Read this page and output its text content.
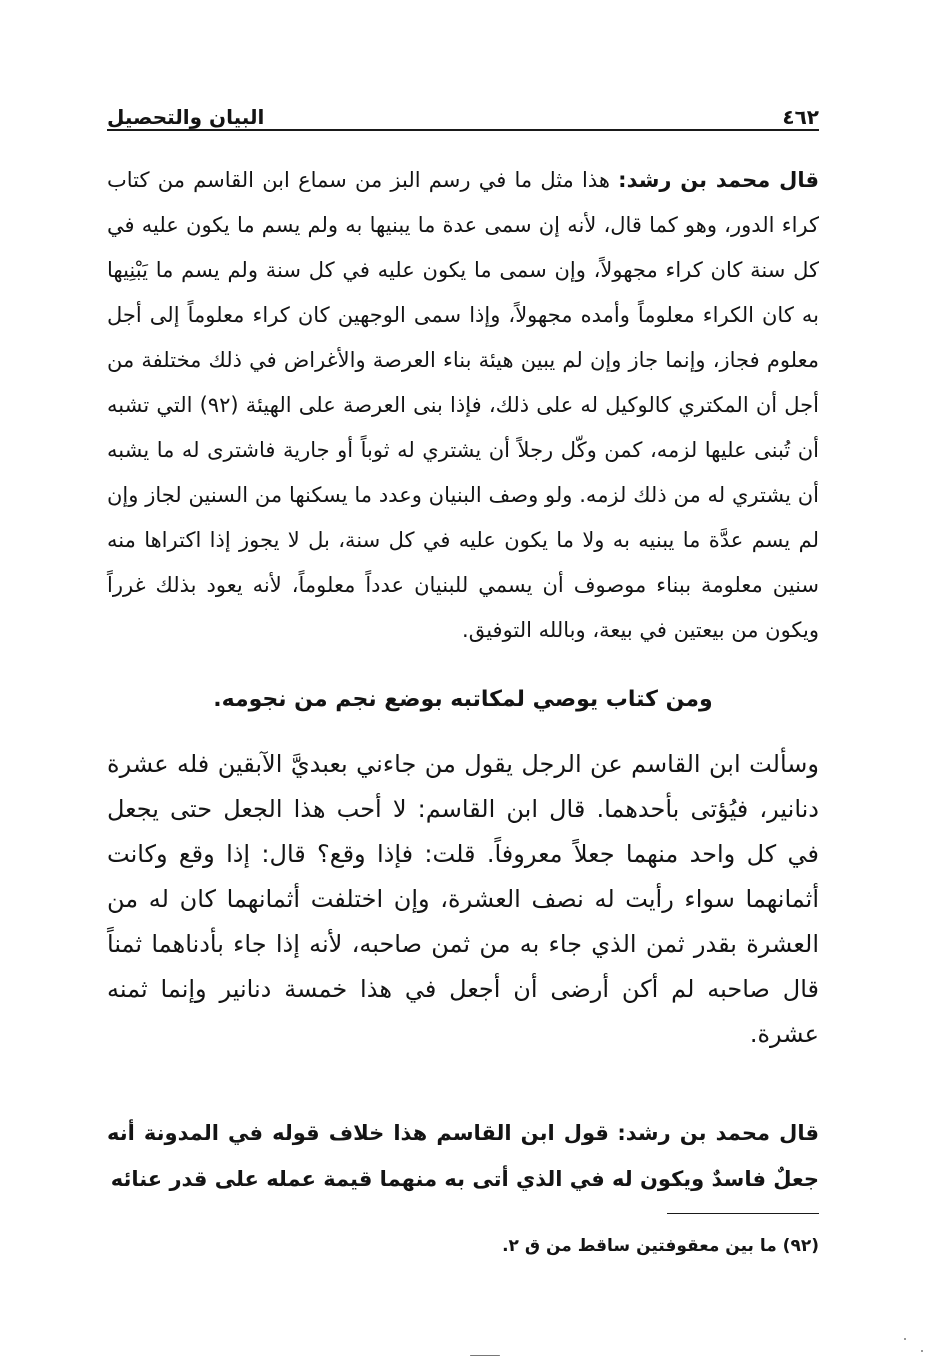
٤٦٢
البيان والتحصيل

قال محمد بن رشد: هذا مثل ما في رسم البز من سماع ابن القاسم من كتاب كراء الدور، وهو كما قال، لأنه إن سمى عدة ما يبنيها به ولم يسم ما يكون عليه في كل سنة كان كراء مجهولاً، وإن سمى ما يكون عليه في كل سنة ولم يسم ما يَبْنِيها به كان الكراء معلوماً وأمده مجهولاً، وإذا سمى الوجهين كان كراء معلوماً إلى أجل معلوم فجاز، وإنما جاز وإن لم يبين هيئة بناء العرصة والأغراض في ذلك مختلفة من أجل أن المكتري كالوكيل له على ذلك، فإذا بنى العرصة على الهيئة (٩٢) التي تشبه أن تُبنى عليها لزمه، كمن وكّل رجلاً أن يشتري له ثوباً أو جارية فاشترى له ما يشبه أن يشتري له من ذلك لزمه. ولو وصف البنيان وعدد ما يسكنها من السنين لجاز وإن لم يسم عدَّة ما يبنيه به ولا ما يكون عليه في كل سنة، بل لا يجوز إذا اكتراها منه سنين معلومة ببناء موصوف أن يسمي للبنيان عدداً معلوماً، لأنه يعود بذلك غرراً ويكون من بيعتين في بيعة، وبالله التوفيق.

ومن كتاب يوصي لمكاتبه بوضع نجم من نجومه.

وسألت ابن القاسم عن الرجل يقول من جاءني بعبديَّ الآبقين فله عشرة دنانير، فيُؤتى بأحدهما. قال ابن القاسم: لا أحب هذا الجعل حتى يجعل في كل واحد منهما جعلاً معروفاً. قلت: فإذا وقع؟ قال: إذا وقع وكانت أثمانهما سواء رأيت له نصف العشرة، وإن اختلفت أثمانهما كان له من العشرة بقدر ثمن الذي جاء به من ثمن صاحبه، لأنه إذا جاء بأدناهما ثمناً قال صاحبه لم أكن أرضى أن أجعل في هذا خمسة دنانير وإنما ثمنه عشرة.

قال محمد بن رشد: قول ابن القاسم هذا خلاف قوله في المدونة أنه جعلٌ فاسدٌ ويكون له في الذي أتى به منهما قيمة عمله على قدر عنائه

(٩٢) ما بين معقوفتين ساقط من ق ٢.
